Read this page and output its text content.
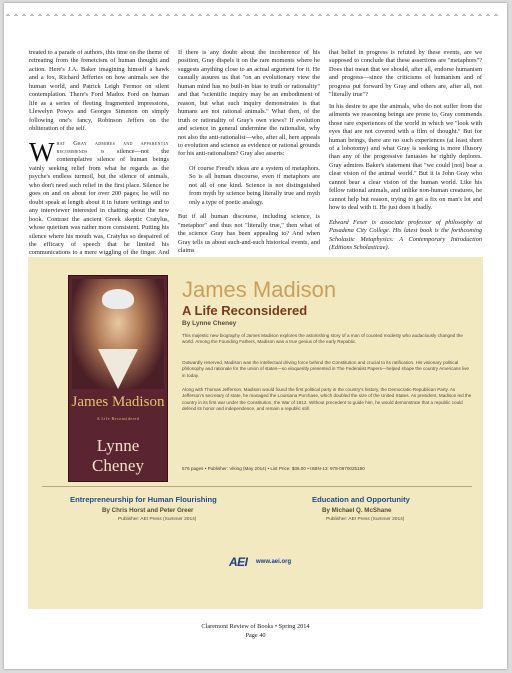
treated to a parade of authors, this time on the theme of retreating from the frenetcism of human thought and action. Here's J.A. Baker imagining himself a hawk and a fox, Richard Jefferies on how animals see the human world, and Patrick Leigh Fermor on silent contemplation. There's Ford Madox Ford on human life as a series of fleeting fragmented impressions, Llewelyn Powys and Georges Simenon on simply following one's fancy, Robinson Jeffers on the obliteration of the self.

What Gray admires and apparently recommends is silence—not the contemplative silence of human beings vainly seeking relief from what he regards as the psyche's endless turmoil, but the silence of animals, who don't need such relief in the first place. Silence he goes on and on about for over 200 pages; he will no doubt speak at length about it in future writings and to any interviewer interested in chatting about the new book. Contrast the ancient Greek skeptic Cratylus, whose quietism was rather more consistent. Putting his silence where his mouth was, Cratylus so despaired of the efficacy of speech that he limited his communications to a mere wiggling of the finger. And

If there is any doubt about the incoherence of his position, Gray dispels it on the rare moments where he suggests anything close to an actual argument for it. He casually assures us that "on an evolutionary view the human mind has no built-in bias to truth or rationality" and that "scientific inquiry may be an embodiment of reason, but what such inquiry demonstrates is that humans are not rational animals." What then, of the truth or rationality of Gray's own views? If evolution and science in general undermine the rationalist, why not also the anti-rationalist—who, after all, here appeals to evolution and science as evidence or rational grounds for his anti-rationalism? Gray also asserts:

Of course Freud's ideas are a system of metaphors. So is all human discourse, even if metaphors are not all of one kind. Science is not distinguished from myth by science being literally true and myth only a type of poetic analogy.

But if all human discourse, including science, is "metaphor" and thus not "literally true," then what of the science Gray has been appealing to? And when Gray tells us about such-and-such historical events, and claims

that belief in progress is refuted by these events, are we supposed to conclude that these assertions are "metaphors"? Does that mean that we should, after all, endorse humanism and progress—since the criticisms of humanism and of progress put forward by Gray and others are, after all, not "literally true"?

In his desire to ape the animals, who do not suffer from the ailments we reasoning beings are prone to, Gray commends those rare experiences of the world in which we "look with eyes that are not covered with a film of thought." But for human beings, there are no such experiences (at least short of a lobotomy) and what Gray is seeking is more illusory than any of the progressive fantasies he rightly deplores. Gray admires Baker's statement that "we could [not] bear a clear vision of the animal world." But it is John Gray who cannot bear a clear vision of the human world. Like his fellow rational animals, and unlike non-human creatures, he cannot help but reason, trying to get a fix on man's lot and how to deal with it. He just does it badly.

Edward Feser is associate professor of philosophy at Pasadena City College. His latest book is the forthcoming Scholastic Metaphysics: A Contemporary Introduction (Editions Scholasticae).

James Madison
A Life Reconsidered
Lynne Cheney
James Madison
A Life Reconsidered
By Lynne Cheney
This majestic new biography of James Madison explores the astonishing story of a man of counted modesty who audaciously changed the world. Among the Founding Fathers, Madison was a true genius of the early Republic.
Outwardly reserved, Madison was the intellectual driving force behind the Constitution and crucial to its ratification. His visionary political philosophy and rationale for the union of states—so eloquently presented in The Federalist Papers—helped shape the country Americans live in today.
Along with Thomas Jefferson, Madison would found the first political party in the country's history, the Democratic-Republican Party. As Jefferson's secretary of state, he managed the Louisiana Purchase, which doubled the size of the United States. As president, Madison led the country in its first war under the Constitution, the War of 1812. Without precedent to guide him, he would demonstrate that a republic could defend its honor and independence, and remain a republic still.
576 pages • Publisher: Viking (May 2014) • List Price: $36.00 • ISBN-13: 978-0670025190
Entrepreneurship for Human Flourishing
By Chris Horst and Peter Greer
Publisher: AEI Press (Summer 2014)
Education and Opportunity
By Michael Q. McShane
Publisher: AEI Press (Summer 2014)
AEI www.aei.org
Claremont Review of Books • Spring 2014
Page 40
